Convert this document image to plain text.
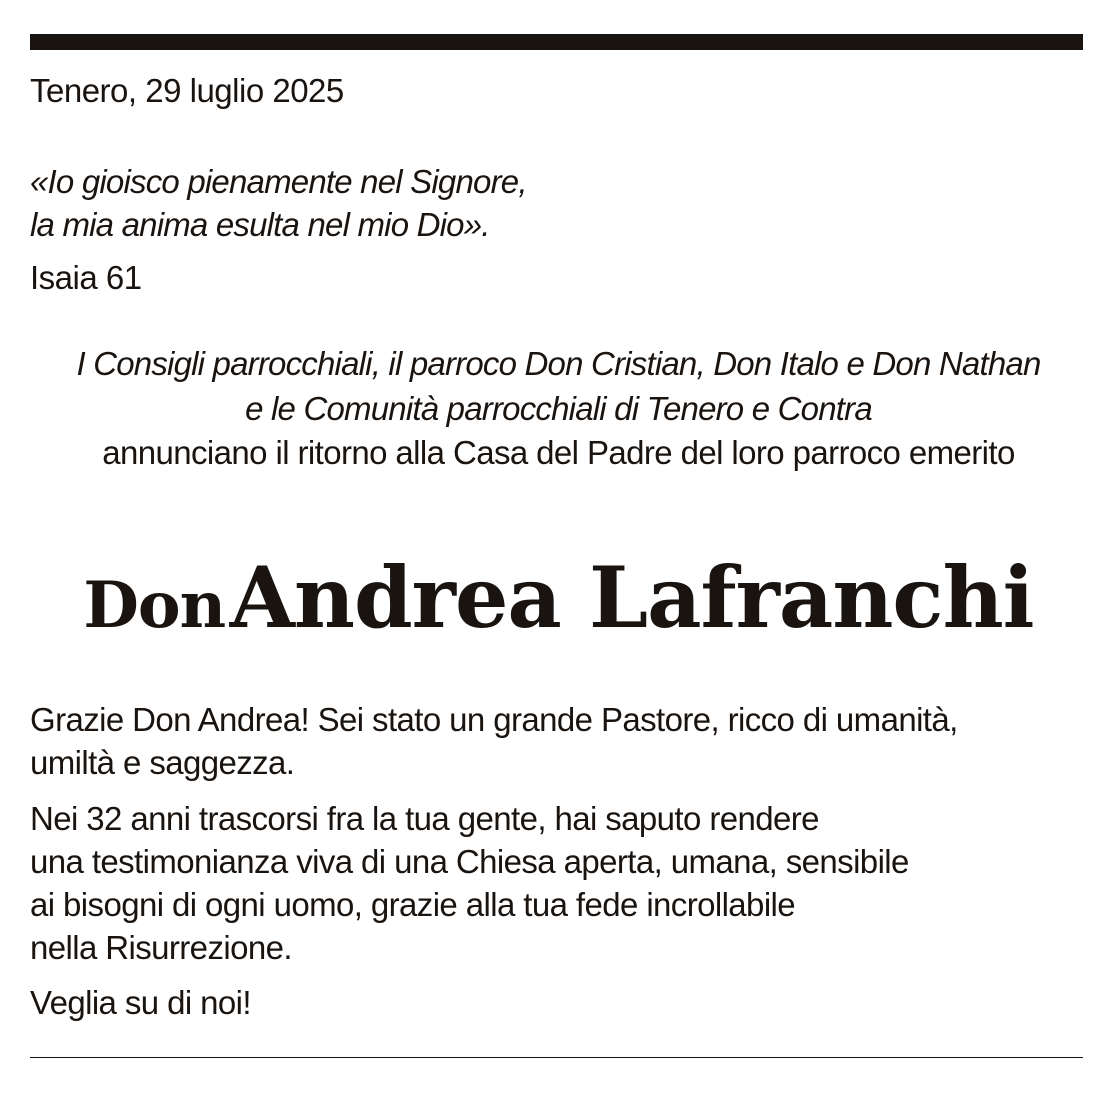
Tenero, 29 luglio 2025
«Io gioisco pienamente nel Signore,
la mia anima esulta nel mio Dio».
Isaia 61
I Consigli parrocchiali, il parroco Don Cristian, Don Italo e Don Nathan
e le Comunità parrocchiali di Tenero e Contra
annunciano il ritorno alla Casa del Padre del loro parroco emerito
Don Andrea Lafranchi
Grazie Don Andrea! Sei stato un grande Pastore, ricco di umanità,
umiltà e saggezza.
Nei 32 anni trascorsi fra la tua gente, hai saputo rendere
una testimonianza viva di una Chiesa aperta, umana, sensibile
ai bisogni di ogni uomo, grazie alla tua fede incrollabile
nella Risurrezione.
Veglia su di noi!
